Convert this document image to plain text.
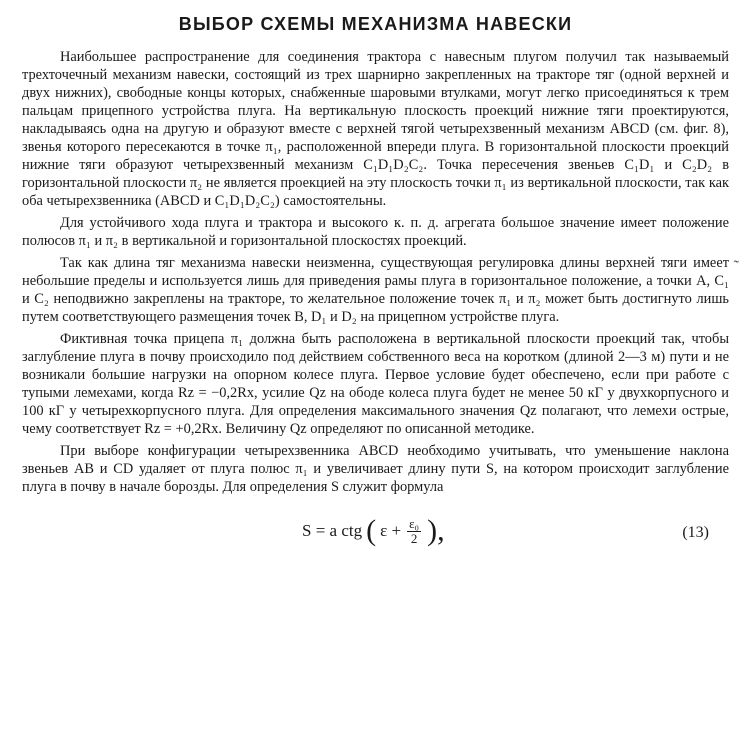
ВЫБОР СХЕМЫ МЕХАНИЗМА НАВЕСКИ

Наибольшее распространение для соединения трактора с навесным плугом получил так называемый трехточечный механизм навески, состоящий из трех шарнирно закрепленных на тракторе тяг (одной верхней и двух нижних), свободные концы которых, снабженные шаровыми втулками, могут легко присоединяться к трем пальцам прицепного устройства плуга. На вертикальную плоскость проекций нижние тяги проектируются, накладываясь одна на другую и образуют вместе с верхней тягой четырехзвенный механизм ABCD (см. фиг. 8), звенья которого пересекаются в точке π₁, расположенной впереди плуга. В горизонтальной плоскости проекций нижние тяги образуют четырехзвенный механизм C₁D₁D₂C₂. Точка пересечения звеньев C₁D₁ и C₂D₂ в горизонтальной плоскости π₂ не является проекцией на эту плоскость точки π₁ из вертикальной плоскости, так как оба четырехзвенника (ABCD и C₁D₁D₂C₂) самостоятельны.

Для устойчивого хода плуга и трактора и высокого к. п. д. агрегата большое значение имеет положение полюсов π₁ и π₂ в вертикальной и горизонтальной плоскостях проекций.

Так как длина тяг механизма навески неизменна, существующая регулировка длины верхней тяги имеет небольшие пределы и используется лишь для приведения рамы плуга в горизонтальное положение, а точки A, C₁ и C₂ неподвижно закреплены на тракторе, то желательное положение точек π₁ и π₂ может быть достигнуто лишь путем соответствующего размещения точек B, D₁ и D₂ на прицепном устройстве плуга.

Фиктивная точка прицепа π₁ должна быть расположена в вертикальной плоскости проекций так, чтобы заглубление плуга в почву происходило под действием собственного веса на коротком (длиной 2—3 м) пути и не возникали большие нагрузки на опорном колесе плуга. Первое условие будет обеспечено, если при работе с тупыми лемехами, когда Rz = −0,2Rx, усилие Qz на ободе колеса плуга будет не менее 50 кГ у двухкорпусного и 100 кГ у четырехкорпусного плуга. Для определения максимального значения Qz полагают, что лемехи острые, чему соответствует Rz = +0,2Rx. Величину Qz определяют по описанной методике.

При выборе конфигурации четырехзвенника ABCD необходимо учитывать, что уменьшение наклона звеньев AB и CD удаляет от плуга полюс π₁ и увеличивает длину пути S, на котором происходит заглубление плуга в почву в начале борозды. Для определения S служит формула

S = a ctg ( $\varepsilon + \frac{\text{ε₀}}{2}$ ),	(13)
˜
